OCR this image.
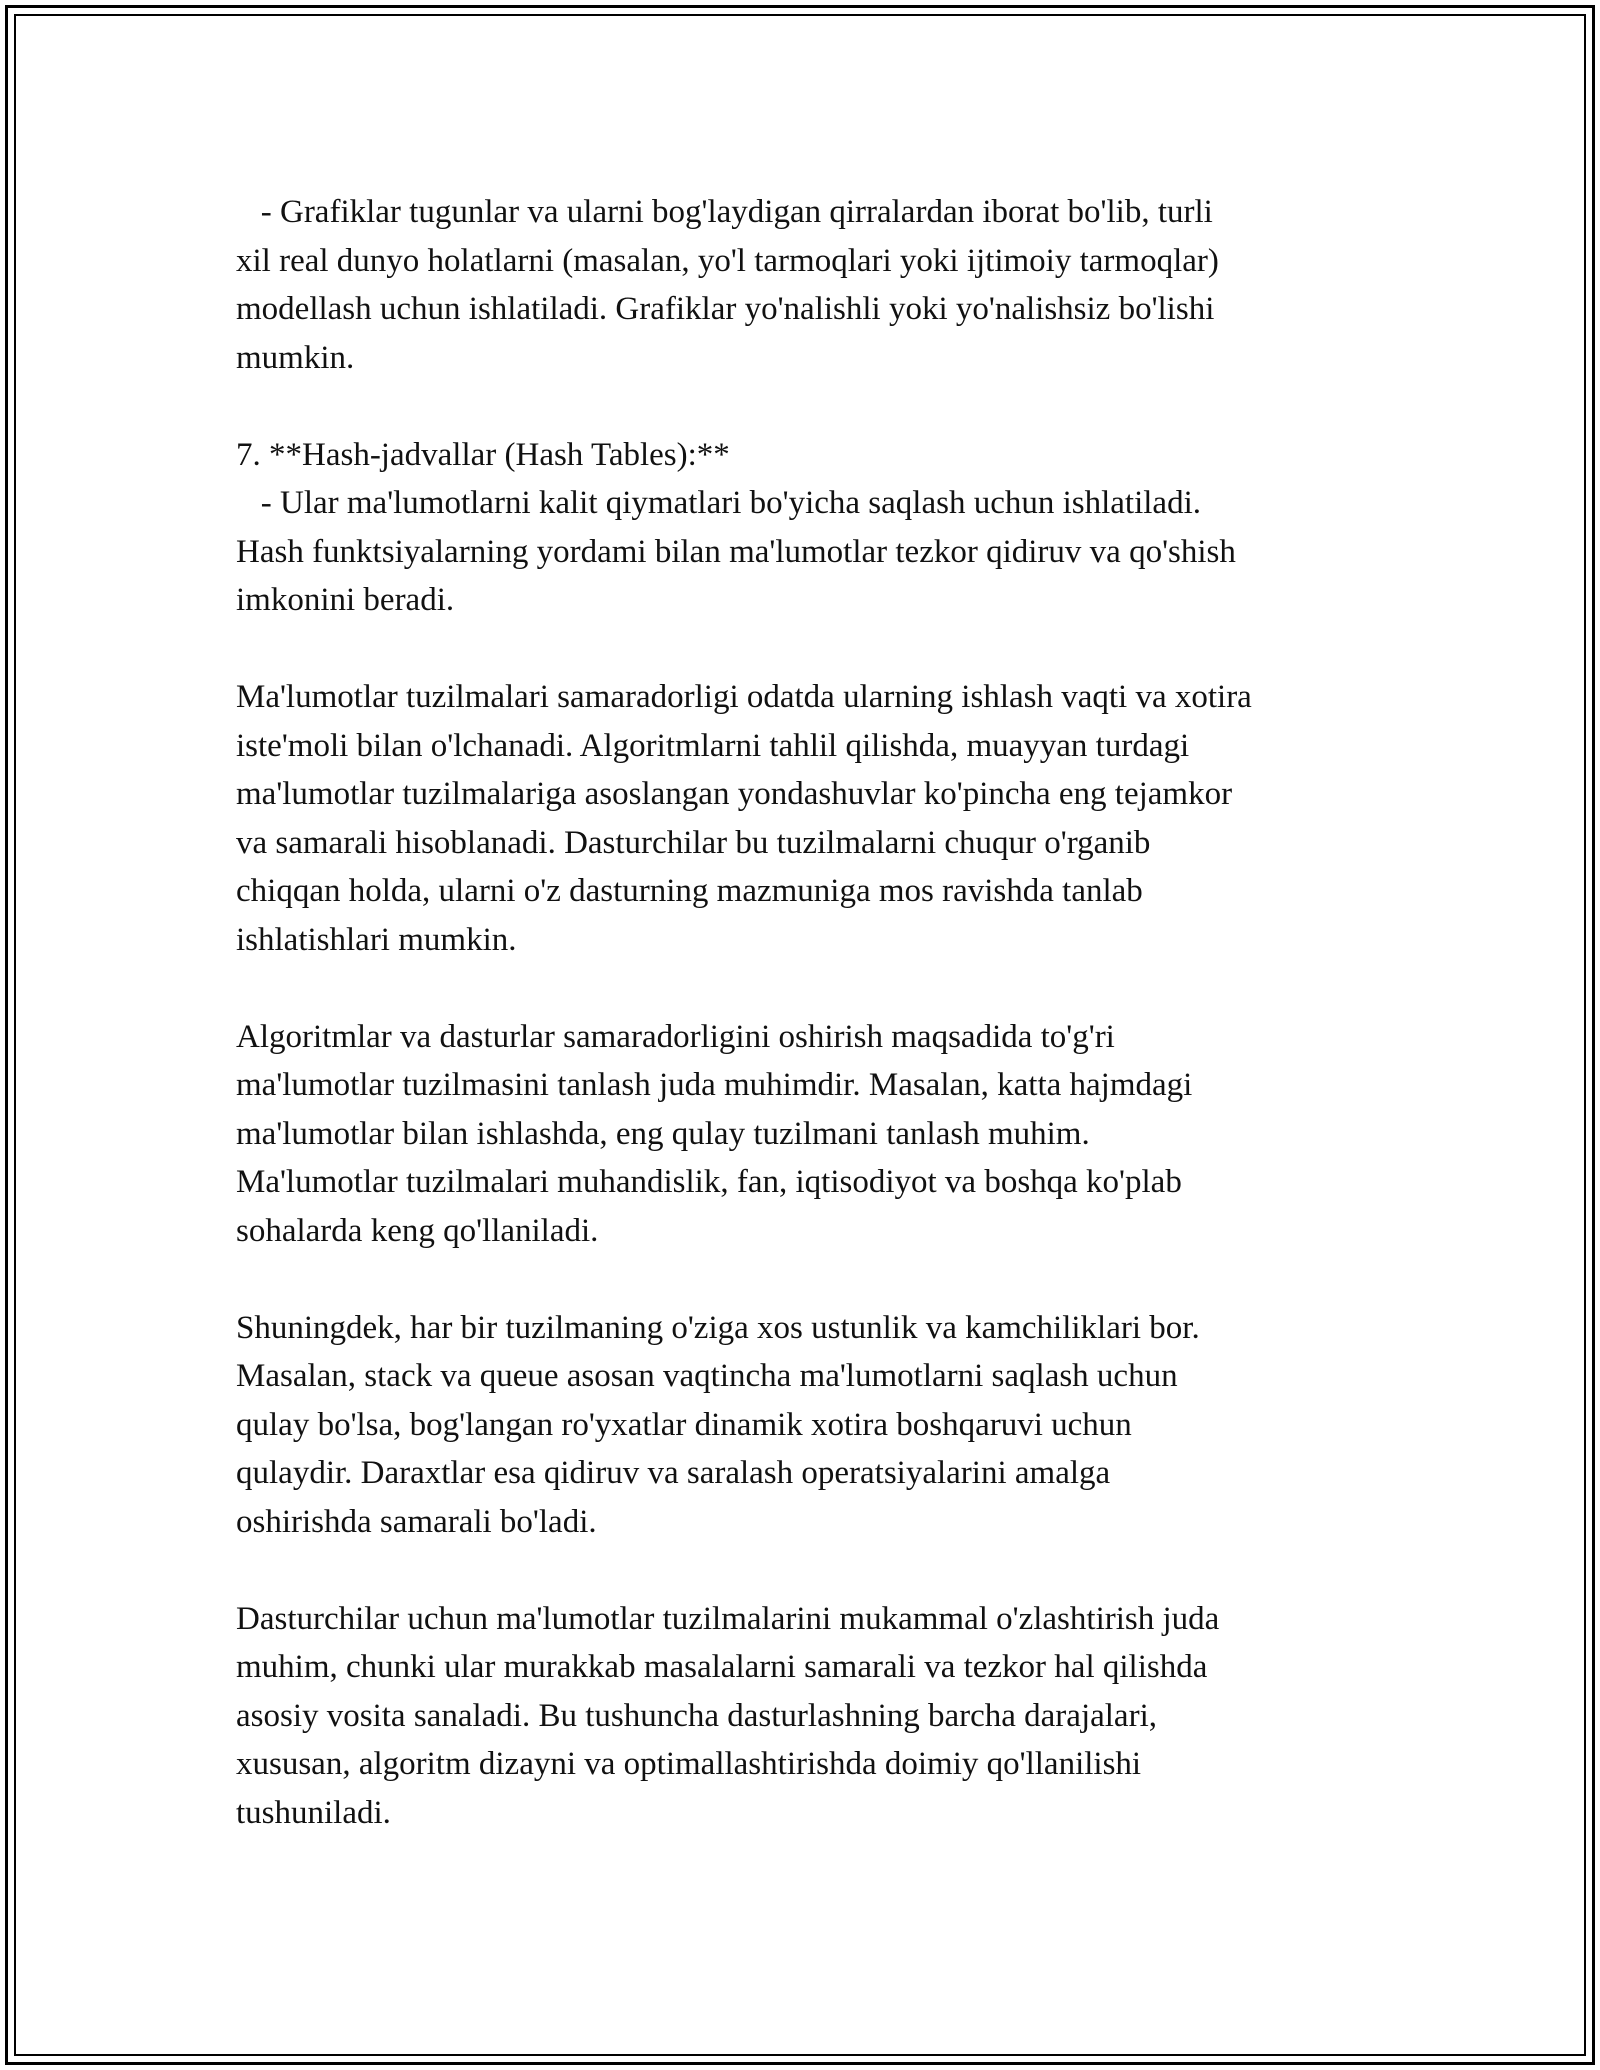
- Grafiklar tugunlar va ularni bog'laydigan qirralardan iborat bo'lib, turli
xil real dunyo holatlarni (masalan, yo'l tarmoqlari yoki ijtimoiy tarmoqlar)
modellash uchun ishlatiladi. Grafiklar yo'nalishli yoki yo'nalishsiz bo'lishi
mumkin.
7. **Hash-jadvallar (Hash Tables):**
- Ular ma'lumotlarni kalit qiymatlari bo'yicha saqlash uchun ishlatiladi.
Hash funktsiyalarning yordami bilan ma'lumotlar tezkor qidiruv va qo'shish
imkonini beradi.
Ma'lumotlar tuzilmalari samaradorligi odatda ularning ishlash vaqti va xotira
iste'moli bilan o'lchanadi. Algoritmlarni tahlil qilishda, muayyan turdagi
ma'lumotlar tuzilmalariga asoslangan yondashuvlar ko'pincha eng tejamkor
va samarali hisoblanadi. Dasturchilar bu tuzilmalarni chuqur o'rganib
chiqqan holda, ularni o'z dasturning mazmuniga mos ravishda tanlab
ishlatishlari mumkin.
Algoritmlar va dasturlar samaradorligini oshirish maqsadida to'g'ri
ma'lumotlar tuzilmasini tanlash juda muhimdir. Masalan, katta hajmdagi
ma'lumotlar bilan ishlashda, eng qulay tuzilmani tanlash muhim.
Ma'lumotlar tuzilmalari muhandislik, fan, iqtisodiyot va boshqa ko'plab
sohalarda keng qo'llaniladi.
Shuningdek, har bir tuzilmaning o'ziga xos ustunlik va kamchiliklari bor.
Masalan, stack va queue asosan vaqtincha ma'lumotlarni saqlash uchun
qulay bo'lsa, bog'langan ro'yxatlar dinamik xotira boshqaruvi uchun
qulaydir. Daraxtlar esa qidiruv va saralash operatsiyalarini amalga
oshirishda samarali bo'ladi.
Dasturchilar uchun ma'lumotlar tuzilmalarini mukammal o'zlashtirish juda
muhim, chunki ular murakkab masalalarni samarali va tezkor hal qilishda
asosiy vosita sanaladi. Bu tushuncha dasturlashning barcha darajalari,
xususan, algoritm dizayni va optimallashtirishda doimiy qo'llanilishi
tushuniladi.
